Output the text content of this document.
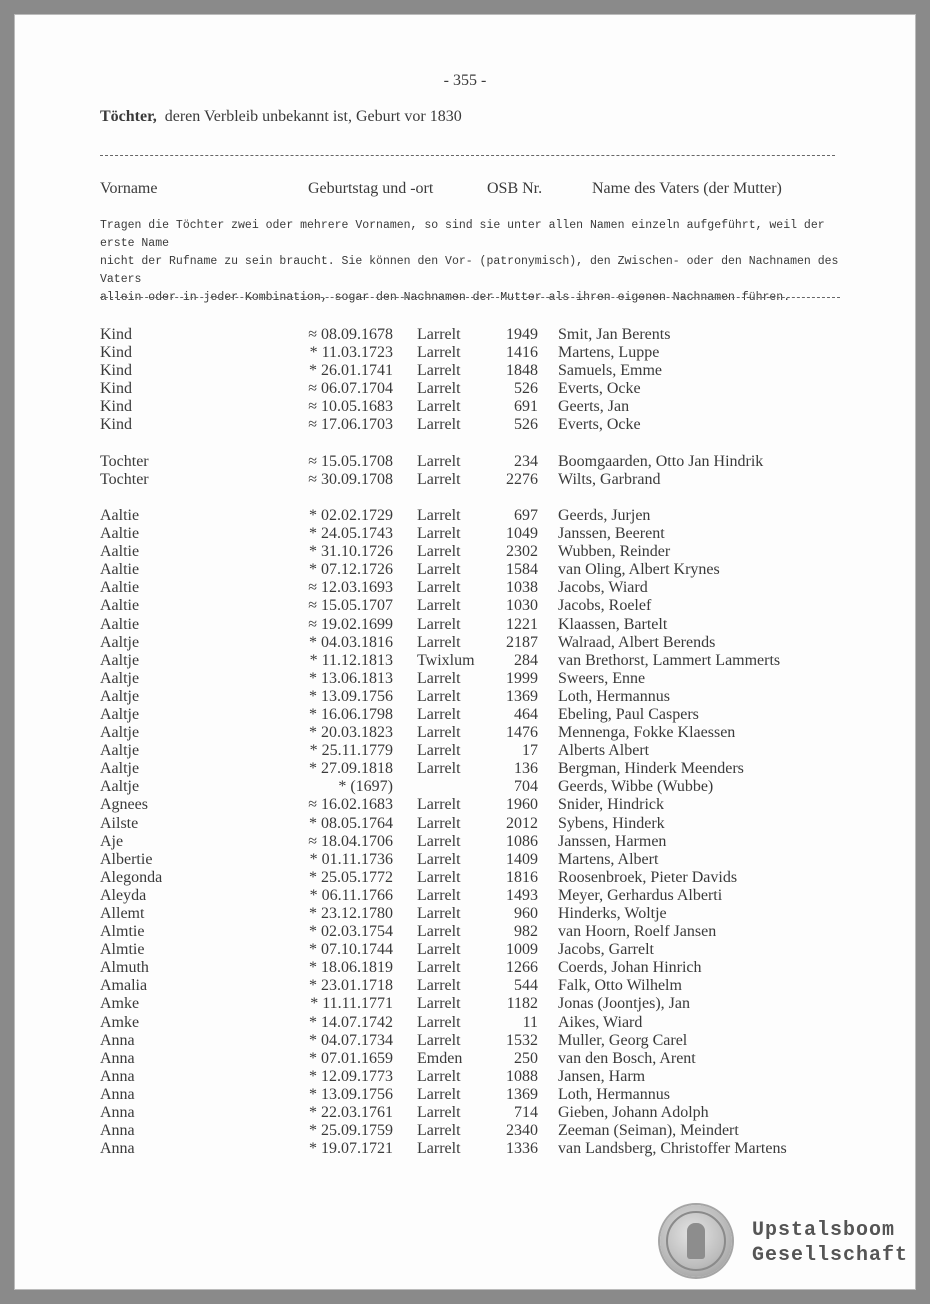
- 355 -
Töchter, deren Verbleib unbekannt ist, Geburt vor 1830
Vorname	Geburtstag und -ort	OSB Nr.	Name des Vaters (der Mutter)

Tragen die Töchter zwei oder mehrere Vornamen, so sind sie unter allen Namen einzeln aufgeführt, weil der erste Name

nicht der Rufname zu sein braucht. Sie können den Vor- (patronymisch), den Zwischen- oder den Nachnamen des Vaters

allein oder in jeder Kombination, sogar den Nachnamen der Mutter als ihren eigenen Nachnamen führen.

Kind	≈ 08.09.1678 Larrelt	1949 Smit, Jan Berents
Kind	* 11.03.1723 Larrelt	1416 Martens, Luppe
Kind	* 26.01.1741 Larrelt	1848 Samuels, Emme
Kind	≈ 06.07.1704 Larrelt	526 Everts, Ocke
Kind	≈ 10.05.1683 Larrelt	691 Geerts, Jan
Kind	≈ 17.06.1703 Larrelt	526 Everts, Ocke
Tochter	≈ 15.05.1708 Larrelt	234 Boomgaarden, Otto Jan Hindrik
Tochter	≈ 30.09.1708 Larrelt	2276 Wilts, Garbrand
Aaltie	* 02.02.1729 Larrelt	697 Geerds, Jurjen
Aaltie	* 24.05.1743 Larrelt	1049 Janssen, Beerent
Aaltie	* 31.10.1726 Larrelt	2302 Wubben, Reinder
Aaltie	* 07.12.1726 Larrelt	1584 van Oling, Albert Krynes
Aaltie	≈ 12.03.1693 Larrelt	1038 Jacobs, Wiard
Aaltie	≈ 15.05.1707 Larrelt	1030 Jacobs, Roelef
Aaltie	≈ 19.02.1699 Larrelt	1221 Klaassen, Bartelt
Aaltje	* 04.03.1816 Larrelt	2187 Walraad, Albert Berends
Aaltje	* 11.12.1813 Twixlum 284 van Brethorst, Lammert Lammerts
Aaltje	* 13.06.1813 Larrelt	1999 Sweers, Enne
Aaltje	* 13.09.1756 Larrelt	1369 Loth, Hermannus
Aaltje	* 16.06.1798 Larrelt	464 Ebeling, Paul Caspers
Aaltje	* 20.03.1823 Larrelt	1476 Mennenga, Fokke Klaessen
Aaltje	* 25.11.1779 Larrelt	17 Alberts Albert
Aaltje	* 27.09.1818 Larrelt	136 Bergman, Hinderk Meenders
Aaltje	* (1697)	704 Geerds, Wibbe (Wubbe)
Agnees	≈ 16.02.1683 Larrelt	1960 Snider, Hindrick
Ailste	* 08.05.1764 Larrelt	2012 Sybens, Hinderk
Aje	≈ 18.04.1706 Larrelt	1086 Janssen, Harmen
Albertie	* 01.11.1736 Larrelt	1409 Martens, Albert
Alegonda	* 25.05.1772 Larrelt	1816 Roosenbroek, Pieter Davids
Aleyda	* 06.11.1766 Larrelt	1493 Meyer, Gerhardus Alberti
Allemt	* 23.12.1780 Larrelt	960 Hinderks, Woltje
Almtie	* 02.03.1754 Larrelt	982 van Hoorn, Roelf Jansen
Almtie	* 07.10.1744 Larrelt	1009 Jacobs, Garrelt
Almuth	* 18.06.1819 Larrelt	1266 Coerds, Johan Hinrich
Amalia	* 23.01.1718 Larrelt	544 Falk, Otto Wilhelm
Amke	* 11.11.1771 Larrelt	1182 Jonas (Joontjes), Jan
Amke	* 14.07.1742 Larrelt	11 Aikes, Wiard
Anna	* 04.07.1734 Larrelt	1532 Muller, Georg Carel
Anna	* 07.01.1659 Emden	250 van den Bosch, Arent
Anna	* 12.09.1773 Larrelt	1088 Jansen, Harm
Anna	* 13.09.1756 Larrelt	1369 Loth, Hermannus
Anna	* 22.03.1761 Larrelt	714 Gieben, Johann Adolph
Anna	* 25.09.1759 Larrelt	2340 Zeeman (Seiman), Meindert
Anna	* 19.07.1721 Larrelt	1336 van Landsberg, Christoffer Martens
Upstalsboom
Gesellschaft
